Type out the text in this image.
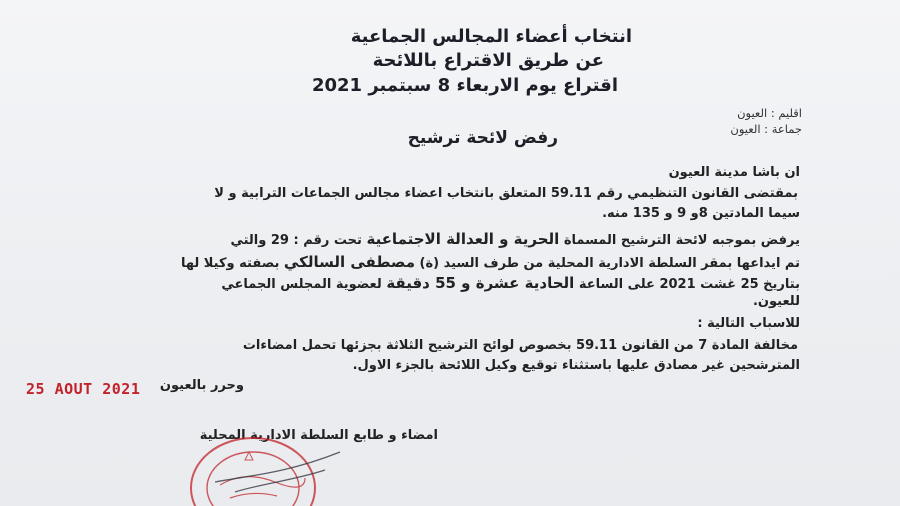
انتخاب أعضاء المجالس الجماعية
عن طريق الاقتراع باللائحة
اقتراع يوم الاربعاء 8 سبتمبر 2021
اقليم : العيون
جماعة : العيون
رفض لائحة ترشيح
ان باشا مدينة العيون
بمقتضى القانون التنظيمي رقم 59.11 المتعلق بانتخاب اعضاء مجالس الجماعات الترابية و لا
سيما المادتين 8و 9 و 135 منه.
يرفض بموجبه لائحة الترشيح المسماة الحرية و العدالة الاجتماعية تحت رقم : 29 والتي
تم ايداعها بمقر السلطة الادارية المحلية من طرف السيد (ة) مصطفى السالكي بصفته وكيلا لها
بتاريخ 25 غشت 2021 على الساعة الحادية عشرة و 55 دقيقة لعضوية المجلس الجماعي
للعيون.
للاسباب التالية :
مخالفة المادة 7 من القانون 59.11 بخصوص لوائح الترشيح الثلاثة بجزئها تحمل امضاءات
المترشحين غير مصادق عليها باستثناء توقيع وكيل اللائحة بالجزء الاول.
وحرر بالعيون
25 AOUT 2021
امضاء و طابع السلطة الادارية المحلية
